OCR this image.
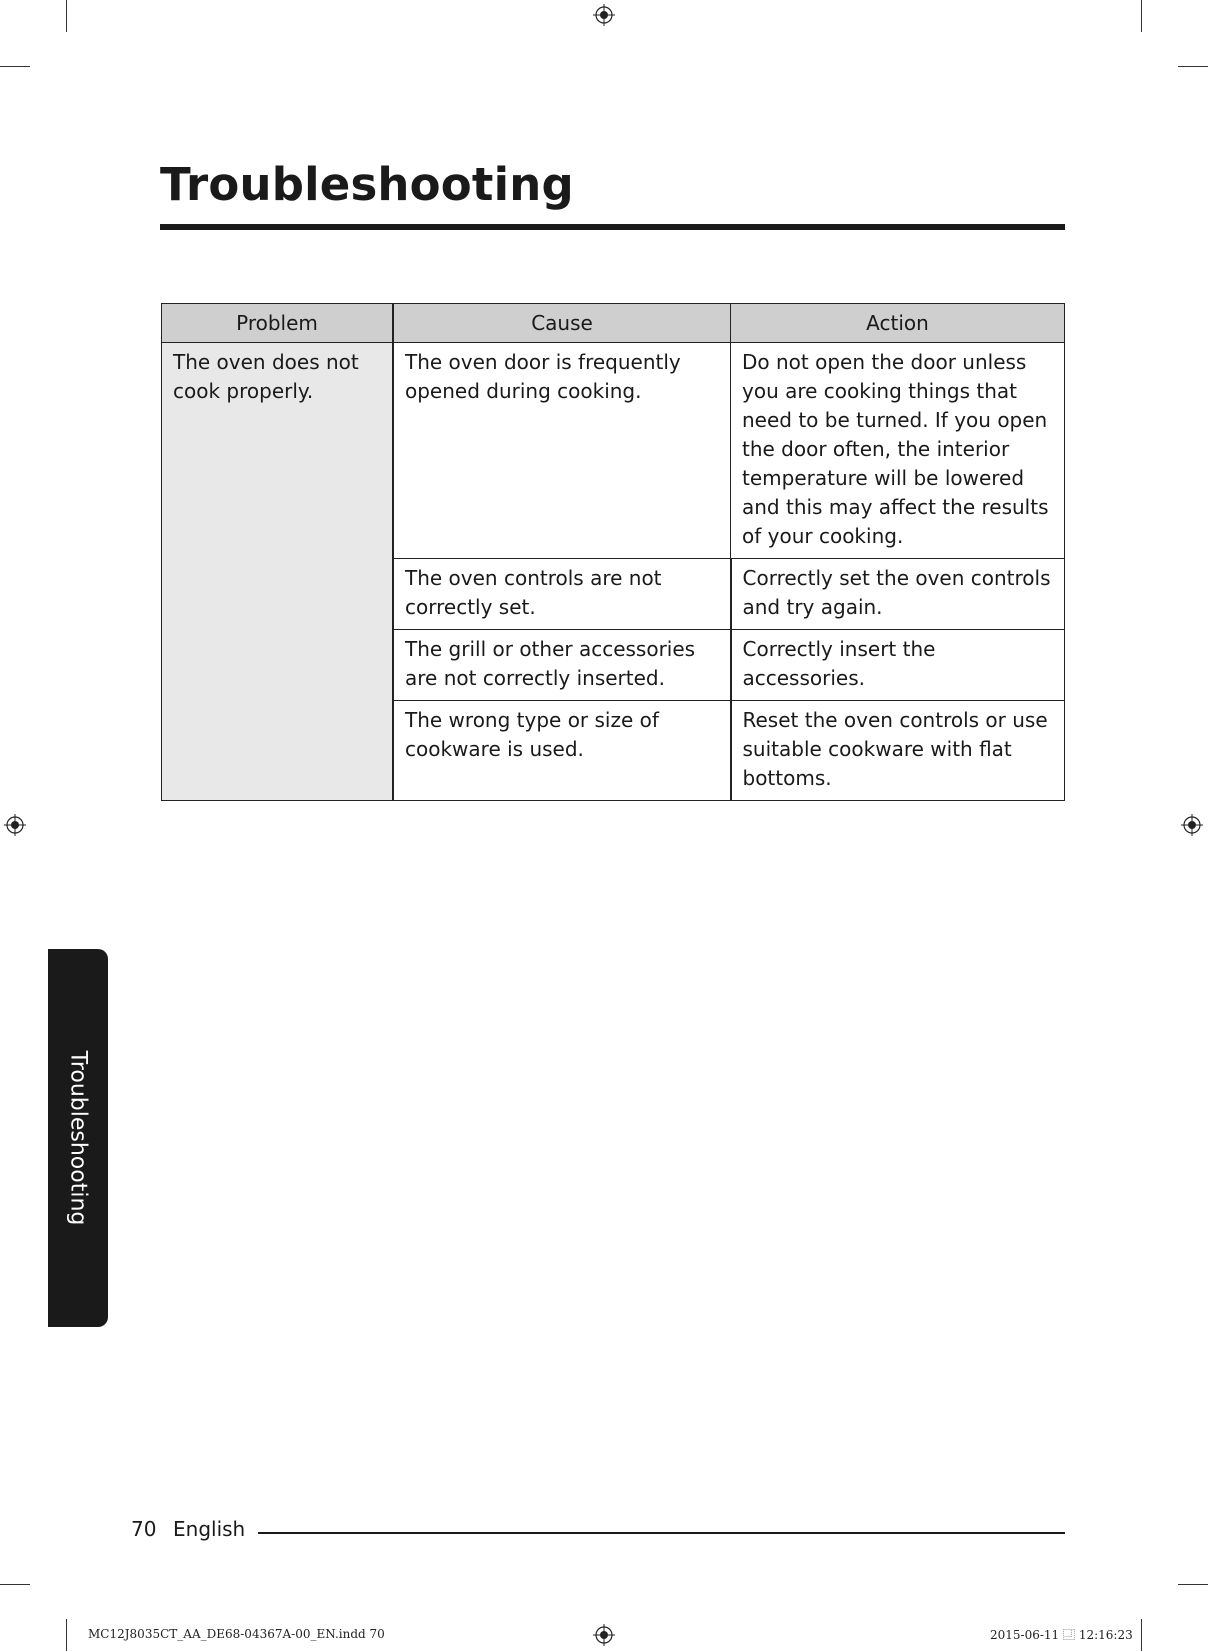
Troubleshooting
Problem	Cause	Action
The oven does not cook properly.	The oven door is frequently opened during cooking.	Do not open the door unless you are cooking things that need to be turned. If you open the door often, the interior temperature will be lowered and this may affect the results of your cooking.
	The oven controls are not correctly set.	Correctly set the oven controls and try again.
	The grill or other accessories are not correctly inserted.	Correctly insert the accessories.
	The wrong type or size of cookware is used.	Reset the oven controls or use suitable cookware with flat bottoms.
Troubleshooting
70 English
MC12J8035CT_AA_DE68-04367A-00_EN.indd 70	2015-06-11 ⿽ 12:16:23
